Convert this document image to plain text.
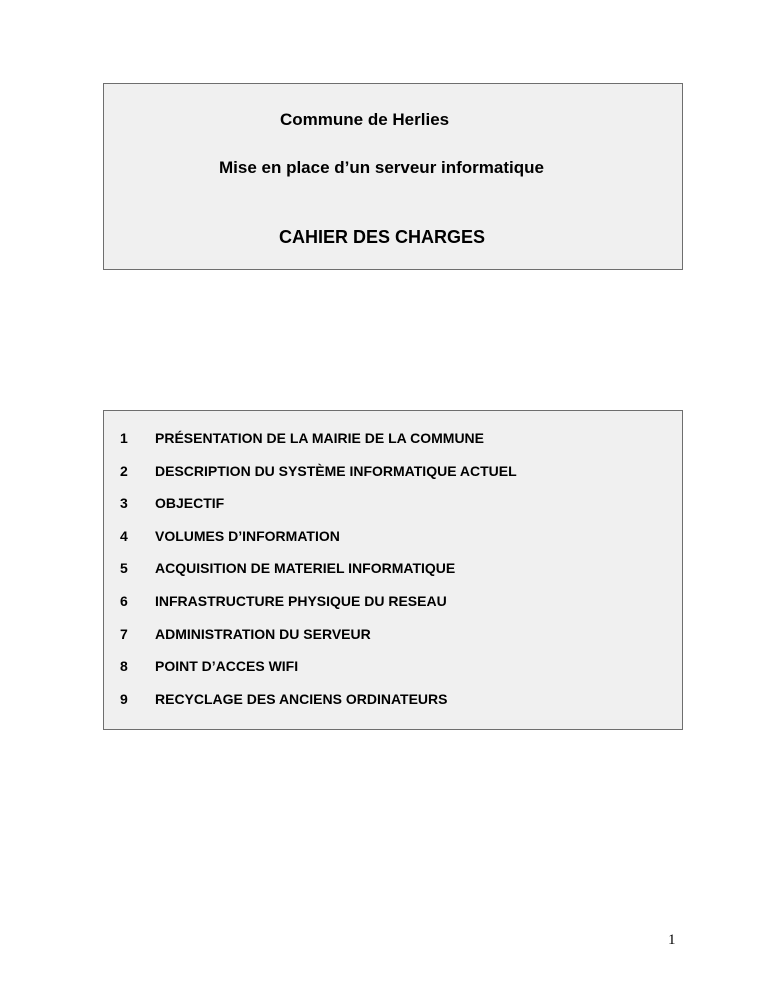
Commune de Herlies

Mise en place d’un serveur informatique

CAHIER DES CHARGES

1 PRÉSENTATION DE LA MAIRIE DE LA COMMUNE
2 DESCRIPTION DU SYSTÈME INFORMATIQUE ACTUEL
3 OBJECTIF
4 VOLUMES D’INFORMATION
5 ACQUISITION DE MATERIEL INFORMATIQUE
6 INFRASTRUCTURE PHYSIQUE DU RESEAU
7 ADMINISTRATION DU SERVEUR
8 POINT D’ACCES WIFI
9 RECYCLAGE DES ANCIENS ORDINATEURS
1
